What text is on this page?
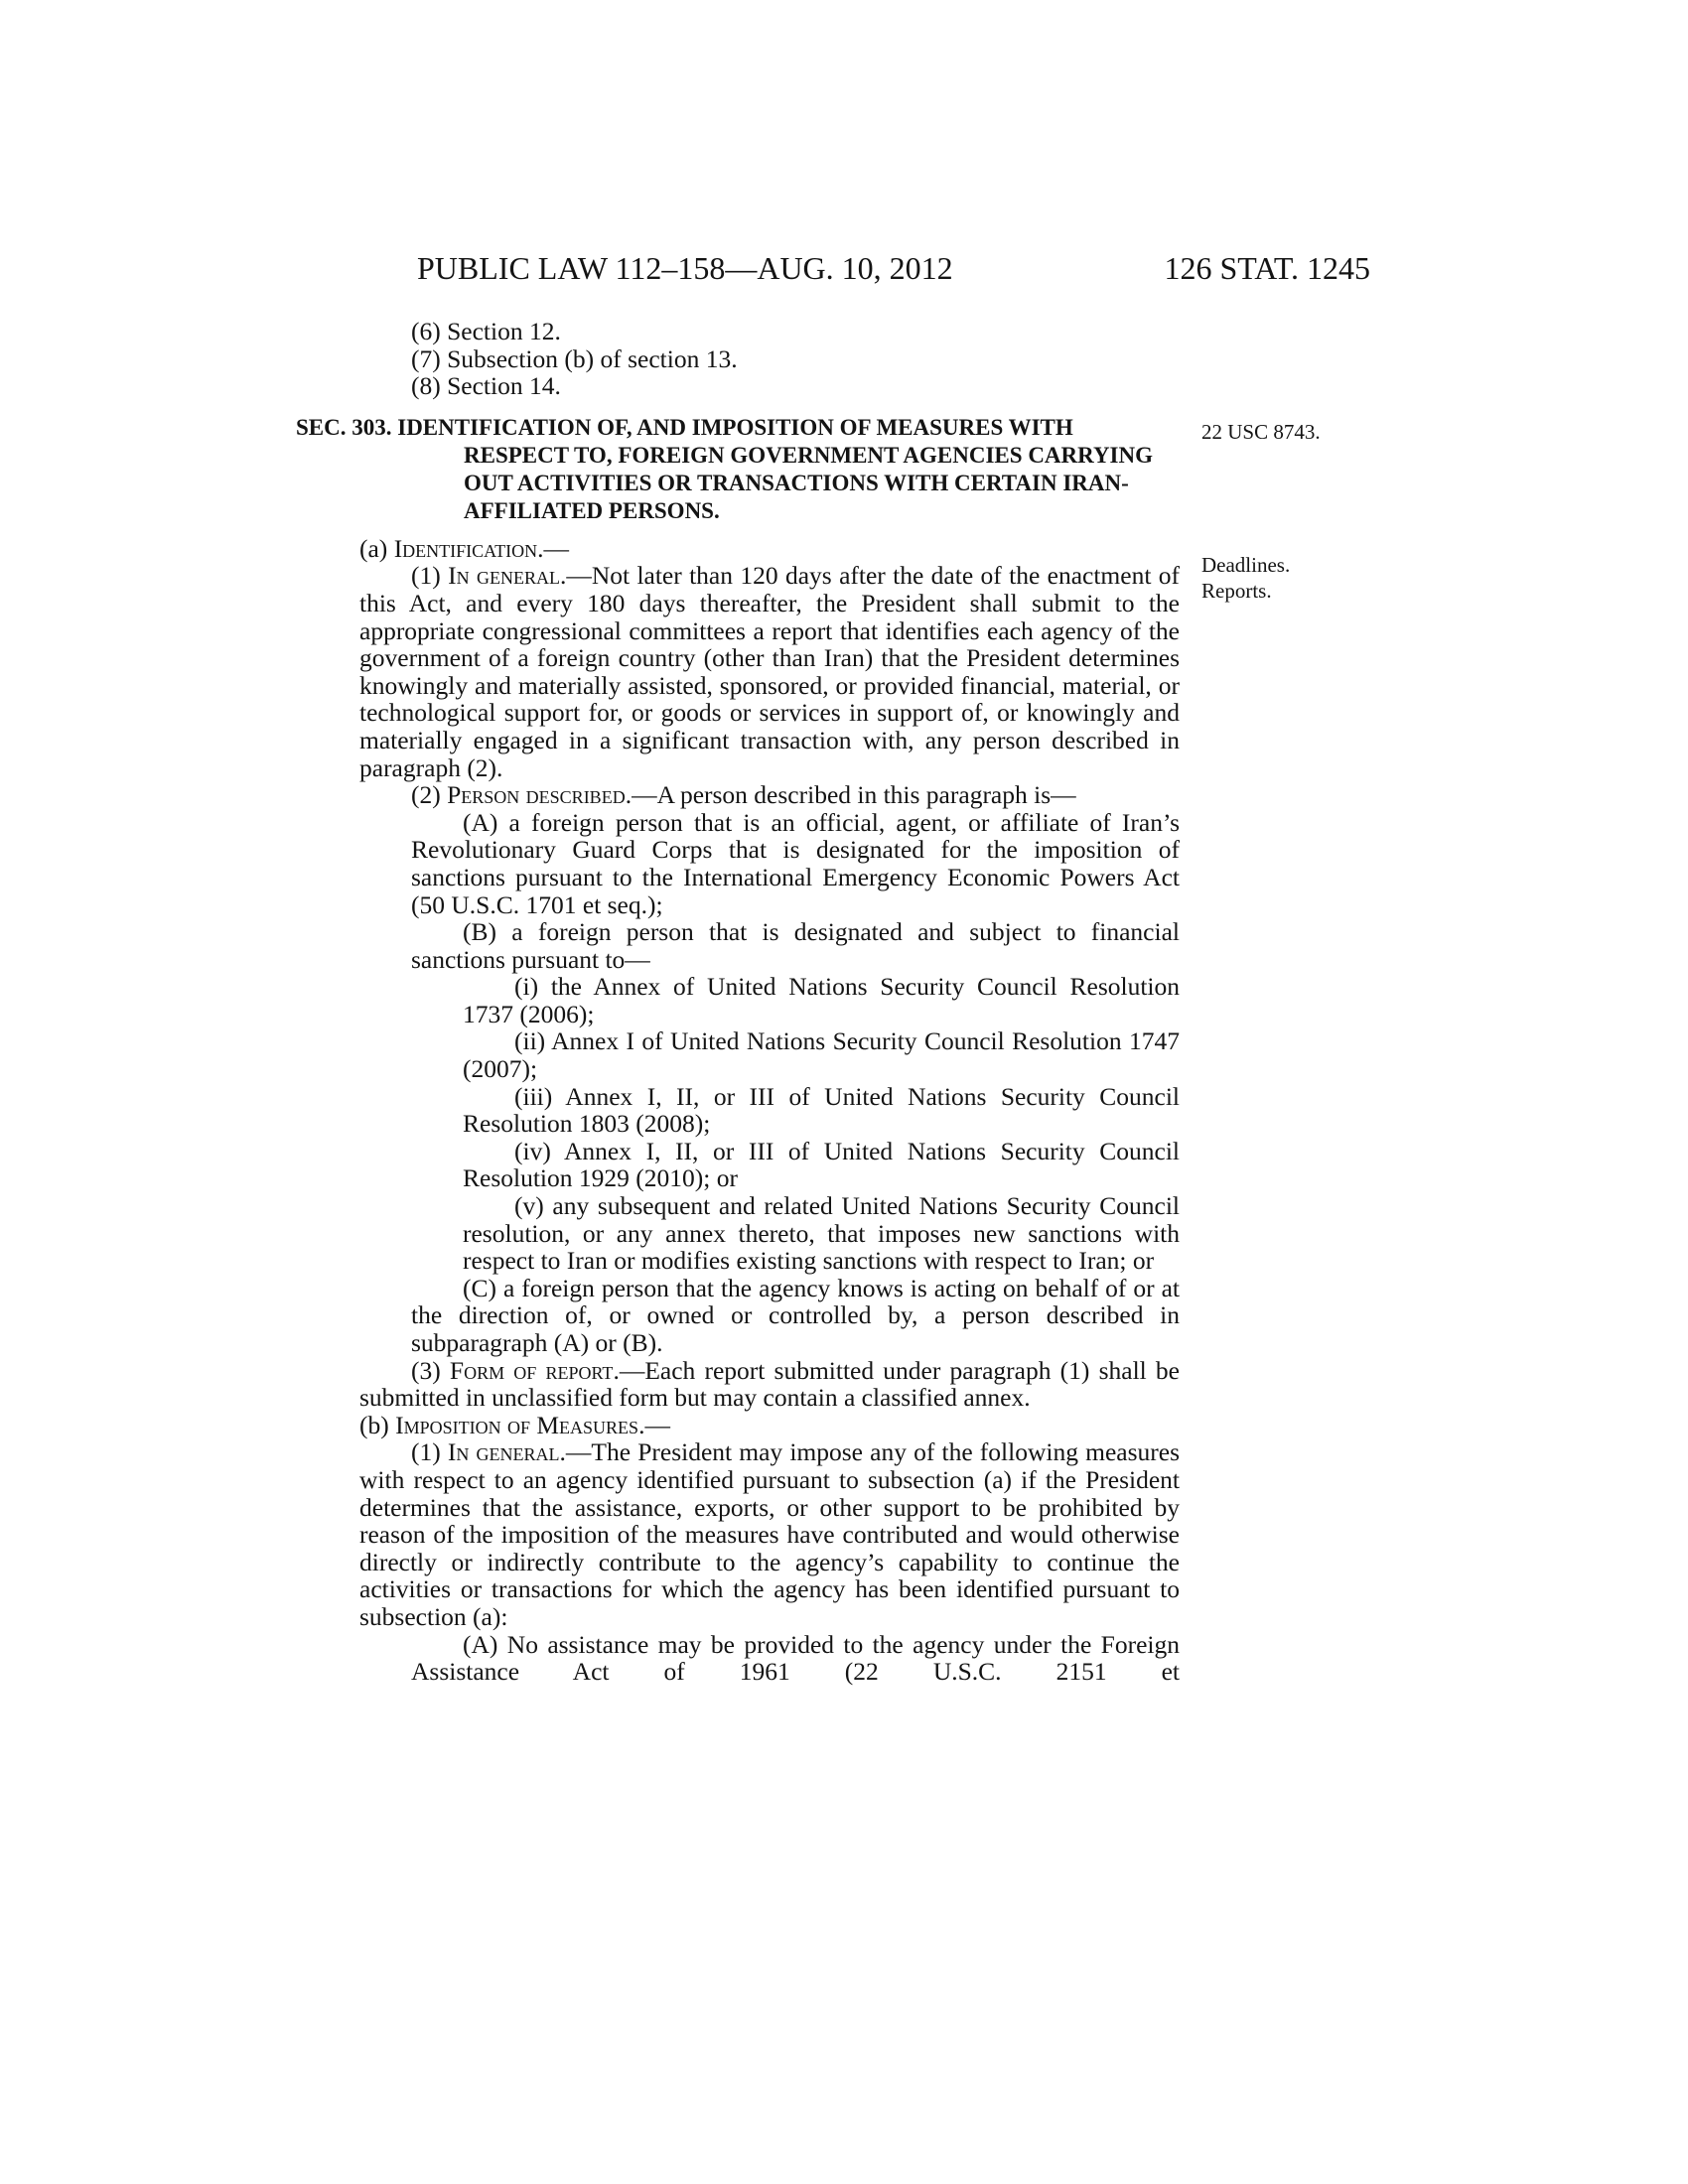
PUBLIC LAW 112–158—AUG. 10, 2012	126 STAT. 1245
22 USC 8743.
Deadlines.
Reports.

(6) Section 12.

(7) Subsection (b) of section 13.

(8) Section 14.

SEC. 303. IDENTIFICATION OF, AND IMPOSITION OF MEASURES WITH RESPECT TO, FOREIGN GOVERNMENT AGENCIES CARRYING OUT ACTIVITIES OR TRANSACTIONS WITH CERTAIN IRAN-AFFILIATED PERSONS.

(a) Identification.—

(1) In general.—Not later than 120 days after the date of the enactment of this Act, and every 180 days thereafter, the President shall submit to the appropriate congressional committees a report that identifies each agency of the government of a foreign country (other than Iran) that the President determines knowingly and materially assisted, sponsored, or provided financial, material, or technological support for, or goods or services in support of, or knowingly and materially engaged in a significant transaction with, any person described in paragraph (2).

(2) Person described.—A person described in this paragraph is—

(A) a foreign person that is an official, agent, or affiliate of Iran’s Revolutionary Guard Corps that is designated for the imposition of sanctions pursuant to the International Emergency Economic Powers Act (50 U.S.C. 1701 et seq.);

(B) a foreign person that is designated and subject to financial sanctions pursuant to—

(i) the Annex of United Nations Security Council Resolution 1737 (2006);

(ii) Annex I of United Nations Security Council Resolution 1747 (2007);

(iii) Annex I, II, or III of United Nations Security Council Resolution 1803 (2008);

(iv) Annex I, II, or III of United Nations Security Council Resolution 1929 (2010); or

(v) any subsequent and related United Nations Security Council resolution, or any annex thereto, that imposes new sanctions with respect to Iran or modifies existing sanctions with respect to Iran; or

(C) a foreign person that the agency knows is acting on behalf of or at the direction of, or owned or controlled by, a person described in subparagraph (A) or (B).

(3) Form of report.—Each report submitted under paragraph (1) shall be submitted in unclassified form but may contain a classified annex.

(b) Imposition of Measures.—

(1) In general.—The President may impose any of the following measures with respect to an agency identified pursuant to subsection (a) if the President determines that the assistance, exports, or other support to be prohibited by reason of the imposition of the measures have contributed and would otherwise directly or indirectly contribute to the agency’s capability to continue the activities or transactions for which the agency has been identified pursuant to subsection (a):

(A) No assistance may be provided to the agency under the Foreign Assistance Act of 1961 (22 U.S.C. 2151 et
